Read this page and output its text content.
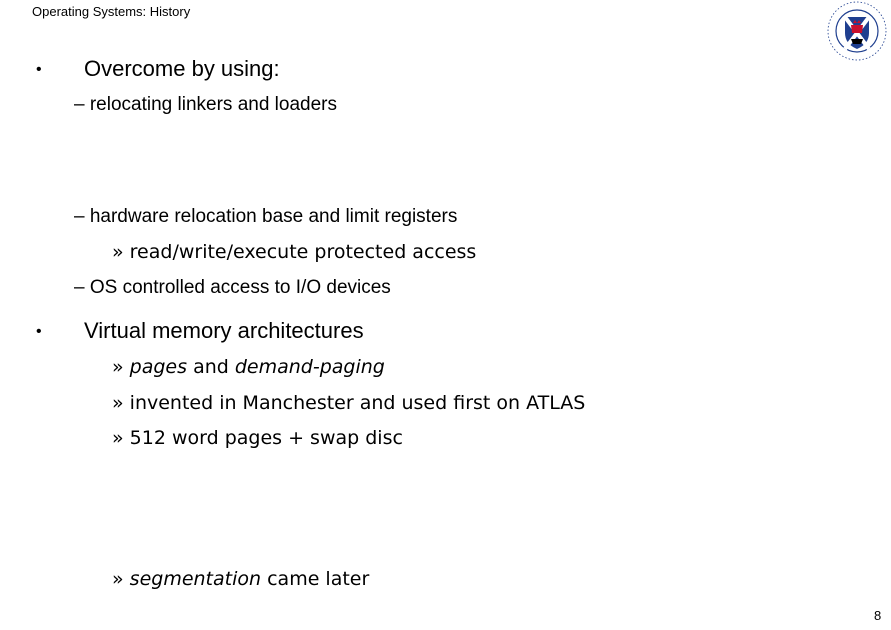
Operating Systems: History
• Overcome by using:
– relocating linkers and loaders
– hardware relocation base and limit registers
» read/write/execute protected access
– OS controlled access to I/O devices
• Virtual memory architectures
» pages and demand-paging
» invented in Manchester and used first on ATLAS
» 512 word pages + swap disc
» segmentation came later
8
